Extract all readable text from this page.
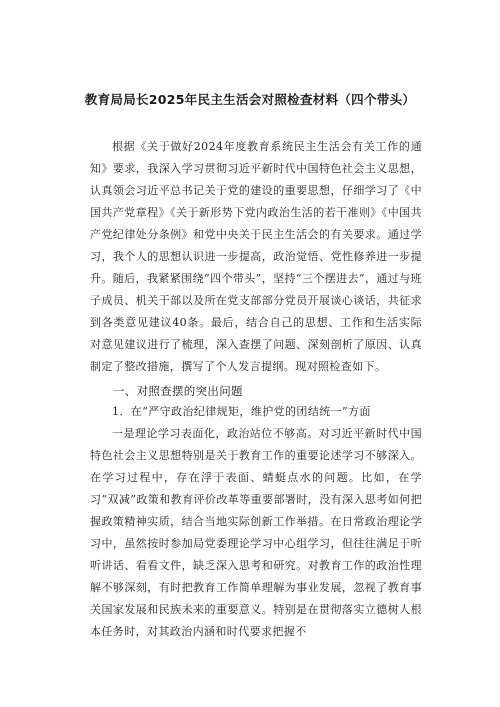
教育局局长2025年民主生活会对照检查材料（四个带头）

根据《关于做好2024年度教育系统民主生活会有关工作的通知》要求，我深入学习贯彻习近平新时代中国特色社会主义思想，认真领会习近平总书记关于党的建设的重要思想，仔细学习了《中国共产党章程》《关于新形势下党内政治生活的若干准则》《中国共产党纪律处分条例》和党中央关于民主生活会的有关要求。通过学习，我个人的思想认识进一步提高，政治觉悟、党性修养进一步提升。随后，我紧紧围绕“四个带头”，坚持“三个摆进去”，通过与班子成员、机关干部以及所在党支部部分党员开展谈心谈话，共征求到各类意见建议40条。最后，结合自己的思想、工作和生活实际对意见建议进行了梳理，深入查摆了问题、深刻剖析了原因、认真制定了整改措施，撰写了个人发言提纲。现对照检查如下。

一、对照查摆的突出问题

1．在“严守政治纪律规矩，维护党的团结统一”方面

一是理论学习表面化，政治站位不够高。对习近平新时代中国特色社会主义思想特别是关于教育工作的重要论述学习不够深入。在学习过程中，存在浮于表面、蜻蜓点水的问题。比如，在学习“双减”政策和教育评价改革等重要部署时，没有深入思考如何把握政策精神实质，结合当地实际创新工作举措。在日常政治理论学习中，虽然按时参加局党委理论学习中心组学习，但往往满足于听听讲话、看看文件，缺乏深入思考和研究。对教育工作的政治性理解不够深刻，有时把教育工作简单理解为事业发展，忽视了教育事关国家发展和民族未来的重要意义。特别是在贯彻落实立德树人根本任务时，对其政治内涵和时代要求把握不
